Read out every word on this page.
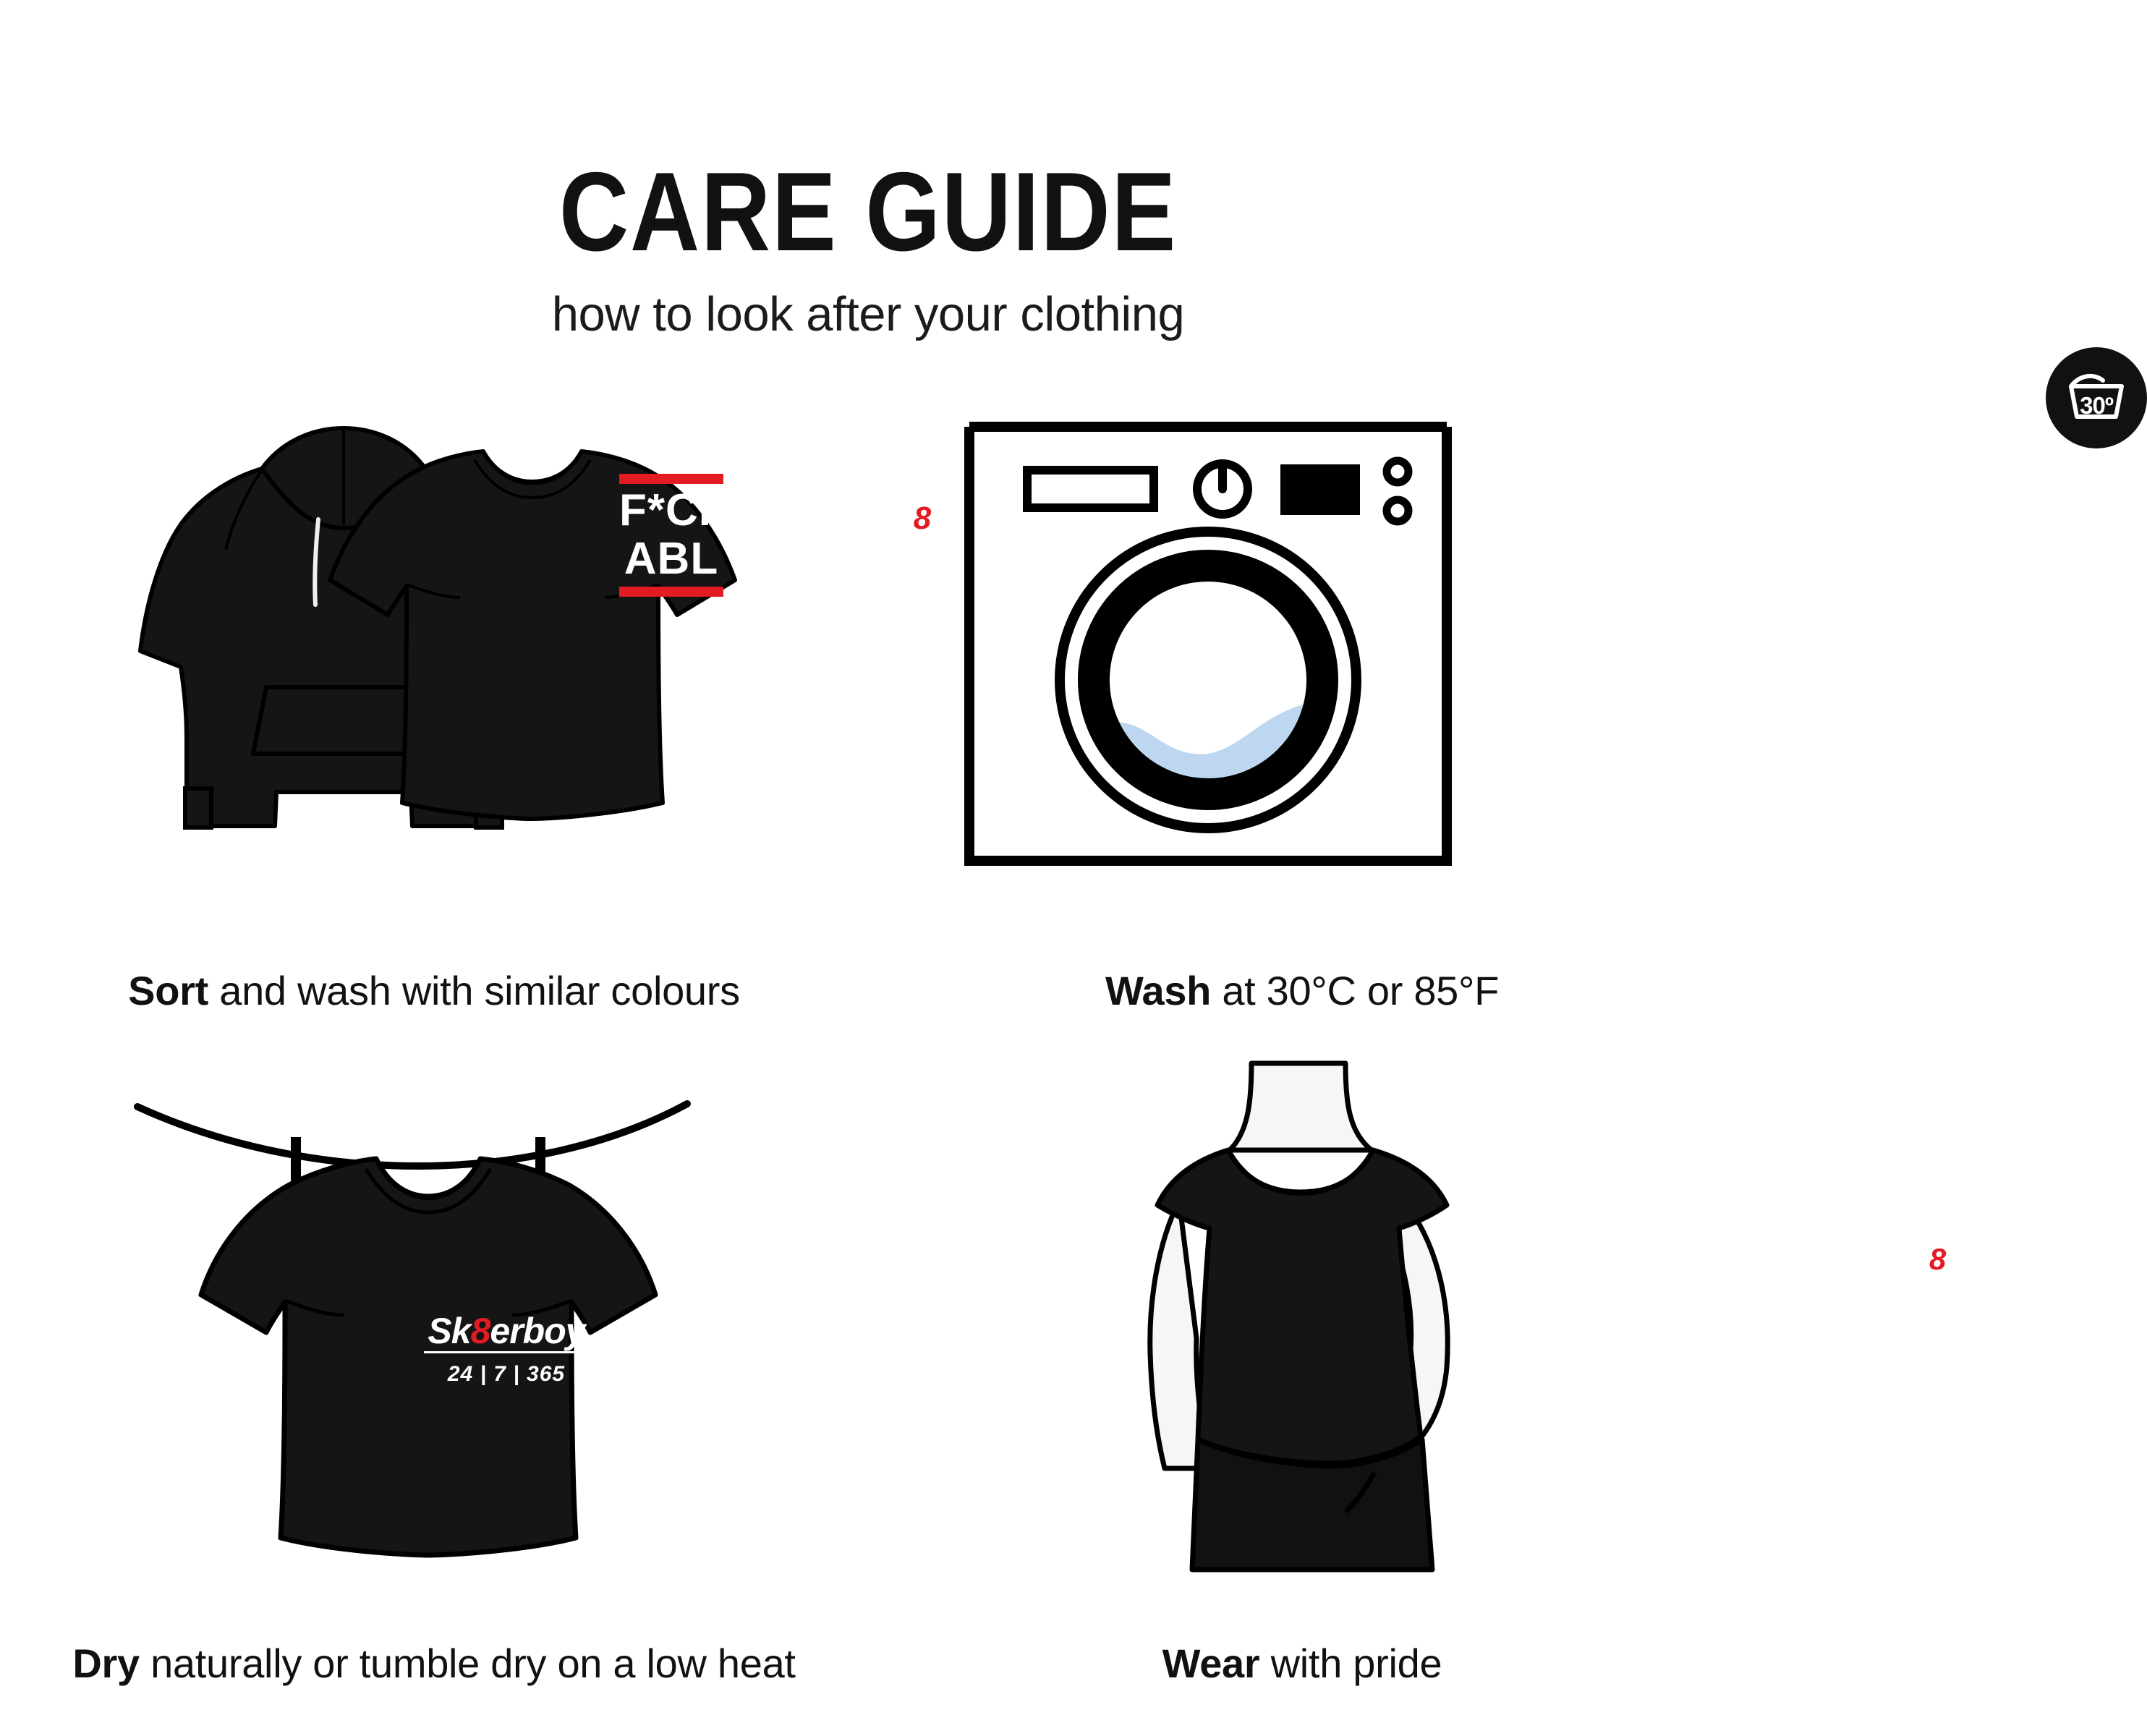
CARE GUIDE

how to look after your clothing

F*CK
ABL
erboy
Sk8erboy
24 | 7 | 365
Sort and wash with similar colours
30º
Wash at 30°C or 85°F
Sk8erboy
24 | 7 | 365
Dry naturally or tumble dry on a low heat
Sk8erboy
24 | 7 | 365
Wear with pride
